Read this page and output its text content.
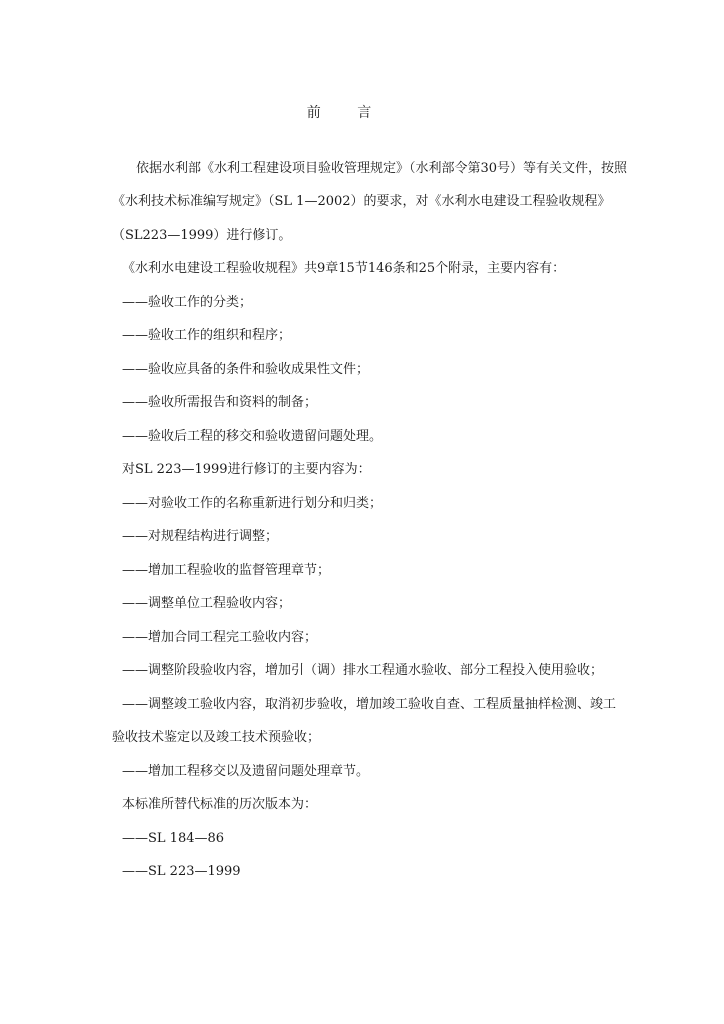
前 言
依据水利部《水利工程建设项目验收管理规定》（水利部令第30号）等有关文件，按照
《水利技术标准编写规定》（SL 1—2002）的要求，对《水利水电建设工程验收规程》
（SL223—1999）进行修订。
《水利水电建设工程验收规程》共9章15节146条和25个附录，主要内容有：
——验收工作的分类；
——验收工作的组织和程序；
——验收应具备的条件和验收成果性文件；
——验收所需报告和资料的制备；
——验收后工程的移交和验收遗留问题处理。
对SL 223—1999进行修订的主要内容为：
——对验收工作的名称重新进行划分和归类；
——对规程结构进行调整；
——增加工程验收的监督管理章节；
——调整单位工程验收内容；
——增加合同工程完工验收内容；
——调整阶段验收内容，增加引（调）排水工程通水验收、部分工程投入使用验收；
——调整竣工验收内容，取消初步验收，增加竣工验收自查、工程质量抽样检测、竣工
验收技术鉴定以及竣工技术预验收；
——增加工程移交以及遗留问题处理章节。
本标准所替代标准的历次版本为：
——SL 184—86
——SL 223—1999
